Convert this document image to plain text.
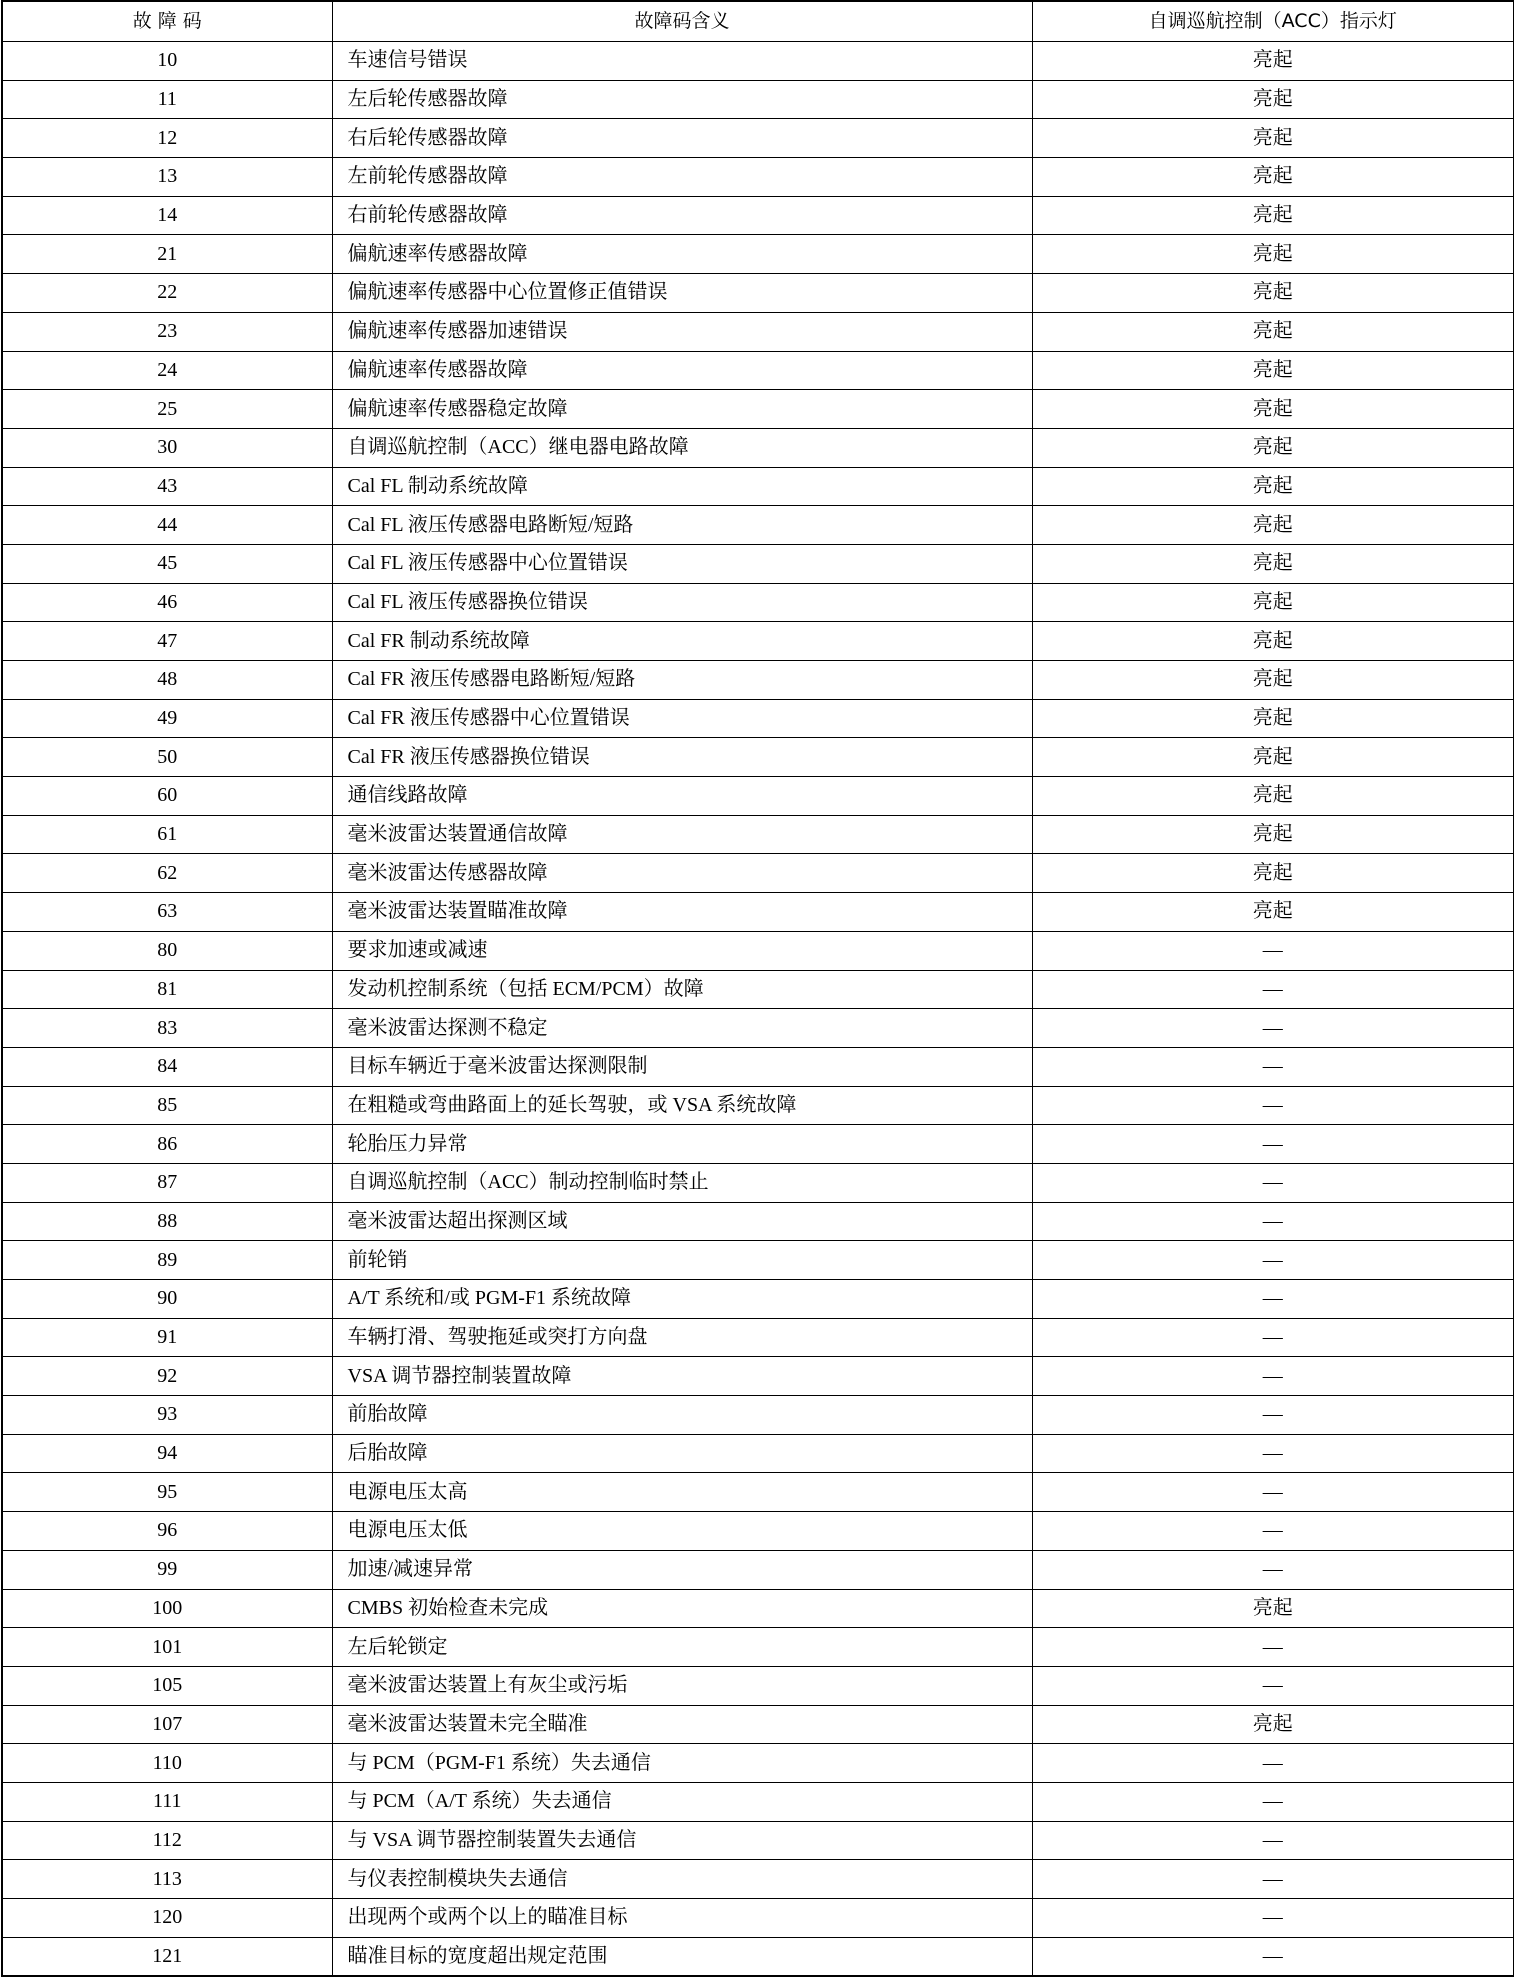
故 障 码	故障码含义	自调巡航控制（ACC）指示灯
10	车速信号错误	亮起
11	左后轮传感器故障	亮起
12	右后轮传感器故障	亮起
13	左前轮传感器故障	亮起
14	右前轮传感器故障	亮起
21	偏航速率传感器故障	亮起
22	偏航速率传感器中心位置修正值错误	亮起
23	偏航速率传感器加速错误	亮起
24	偏航速率传感器故障	亮起
25	偏航速率传感器稳定故障	亮起
30	自调巡航控制（ACC）继电器电路故障	亮起
43	Cal FL 制动系统故障	亮起
44	Cal FL 液压传感器电路断短/短路	亮起
45	Cal FL 液压传感器中心位置错误	亮起
46	Cal FL 液压传感器换位错误	亮起
47	Cal FR 制动系统故障	亮起
48	Cal FR 液压传感器电路断短/短路	亮起
49	Cal FR 液压传感器中心位置错误	亮起
50	Cal FR 液压传感器换位错误	亮起
60	通信线路故障	亮起
61	毫米波雷达装置通信故障	亮起
62	毫米波雷达传感器故障	亮起
63	毫米波雷达装置瞄准故障	亮起
80	要求加速或减速	—
81	发动机控制系统（包括 ECM/PCM）故障	—
83	毫米波雷达探测不稳定	—
84	目标车辆近于毫米波雷达探测限制	—
85	在粗糙或弯曲路面上的延长驾驶，或 VSA 系统故障	—
86	轮胎压力异常	—
87	自调巡航控制（ACC）制动控制临时禁止	—
88	毫米波雷达超出探测区域	—
89	前轮销	—
90	A/T 系统和/或 PGM-F1 系统故障	—
91	车辆打滑、驾驶拖延或突打方向盘	—
92	VSA 调节器控制装置故障	—
93	前胎故障	—
94	后胎故障	—
95	电源电压太高	—
96	电源电压太低	—
99	加速/减速异常	—
100	CMBS 初始检查未完成	亮起
101	左后轮锁定	—
105	毫米波雷达装置上有灰尘或污垢	—
107	毫米波雷达装置未完全瞄准	亮起
110	与 PCM（PGM-F1 系统）失去通信	—
111	与 PCM（A/T 系统）失去通信	—
112	与 VSA 调节器控制装置失去通信	—
113	与仪表控制模块失去通信	—
120	出现两个或两个以上的瞄准目标	—
121	瞄准目标的宽度超出规定范围	—
